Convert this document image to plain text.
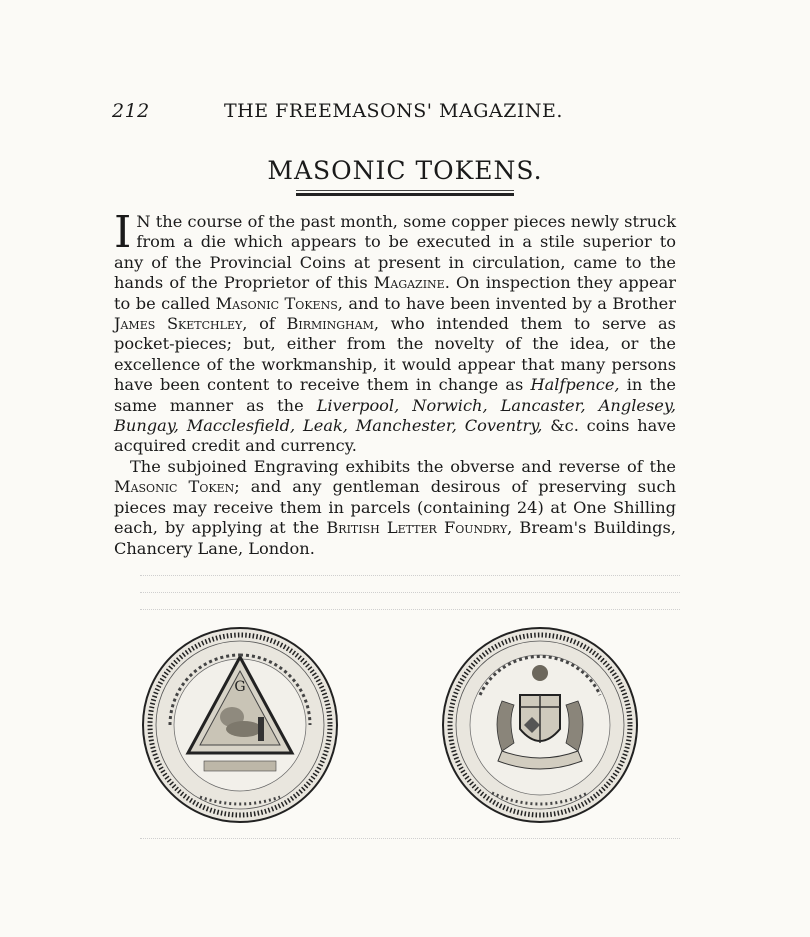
212	THE FREEMASONS' MAGAZINE.
MASONIC TOKENS.

I N the course of the past month, some copper pieces newly struck from a die which appears to be executed in a stile superior to any of the Provincial Coins at present in circulation, came to the hands of the Proprietor of this Magazine. On inspection they appear to be called Masonic Tokens, and to have been invented by a Brother James Sketchley, of Birmingham, who intended them to serve as pocket-pieces; but, either from the novelty of the idea, or the excellence of the workmanship, it would appear that many persons have been content to receive them in change as Halfpence, in the same manner as the Liverpool, Norwich, Lancaster, Anglesey, Bungay, Macclesfield, Leak, Manchester, Coventry, &c. coins have acquired credit and currency.

The subjoined Engraving exhibits the obverse and reverse of the Masonic Token; and any gentleman desirous of preserving such pieces may receive them in parcels (containing 24) at One Shilling each, by applying at the British Letter Foundry, Bream's Buildings, Chancery Lane, London.

G
